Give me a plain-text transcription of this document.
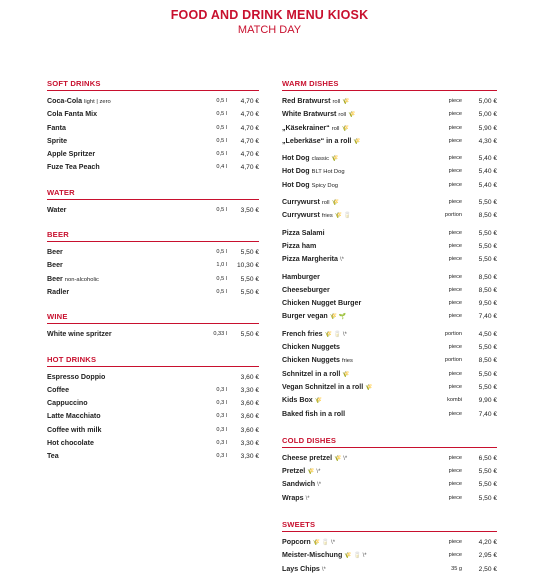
FOOD AND DRINK MENU KIOSK
MATCH DAY
SOFT DRINKS
Coca-Cola light | zero	0,5 l 4,70 €
Cola Fanta Mix	0,5 l 4,70 €
Fanta	0,5 l 4,70 €
Sprite	0,5 l 4,70 €
Apple Spritzer	0,5 l 4,70 €
Fuze Tea Peach	0,4 l 4,70 €
WATER
Water	0,5 l 3,50 €
BEER
Beer	0,5 l 5,50 €
Beer	1,0 l 10,30 €
Beer non-alcoholic	0,5 l 5,50 €
Radler	0,5 l 5,50 €
WINE
White wine spritzer	0,33 l 5,50 €
HOT DRINKS
Espresso Doppio	3,60 €
Coffee	0,3 l 3,30 €
Cappuccino	0,3 l 3,60 €
Latte Macchiato	0,3 l 3,60 €
Coffee with milk	0,3 l 3,60 €
Hot chocolate	0,3 l 3,30 €
Tea	0,3 l 3,30 €
WARM DISHES
Red Bratwurst roll 🌾	piece	5,00 €
White Bratwurst roll 🌾	piece	5,00 €
„Käsekrainer“ roll 🌾	piece	5,90 €
„Leberkäse“ in a roll 🌾	piece	4,30 €
Hot Dog classic 🌾	piece	5,40 €
Hot Dog BLT Hot Dog	piece	5,40 €
Hot Dog Spicy Dog	piece	5,40 €
Currywurst roll 🌾	piece	5,50 €
Currywurst fries 🌾 🥛	portion	8,50 €
Pizza Salami	piece	5,50 €
Pizza ham	piece	5,50 €
Pizza Margherita \*	piece	5,50 €
Hamburger	piece	8,50 €
Cheeseburger	piece	8,50 €
Chicken Nugget Burger	piece	9,50 €
Burger vegan 🌾 🌱	piece	7,40 €
French fries 🌾 🥛 \*	portion	4,50 €
Chicken Nuggets	piece	5,50 €
Chicken Nuggets fries	portion	8,50 €
Schnitzel in a roll 🌾	piece	5,50 €
Vegan Schnitzel in a roll 🌾	piece	5,50 €
Kids Box 🌾	kombi	9,90 €
Baked fish in a roll	piece	7,40 €
COLD DISHES
Cheese pretzel 🌾 \*	piece	6,50 €
Pretzel 🌾 \*	piece	5,50 €
Sandwich \*	piece	5,50 €
Wraps \*	piece	5,50 €
SWEETS
Popcorn 🌾 🥛 \*	piece	4,20 €
Meister-Mischung 🌾 🥛 \*	piece	2,95 €
Lays Chips \*	35 g	2,50 €
